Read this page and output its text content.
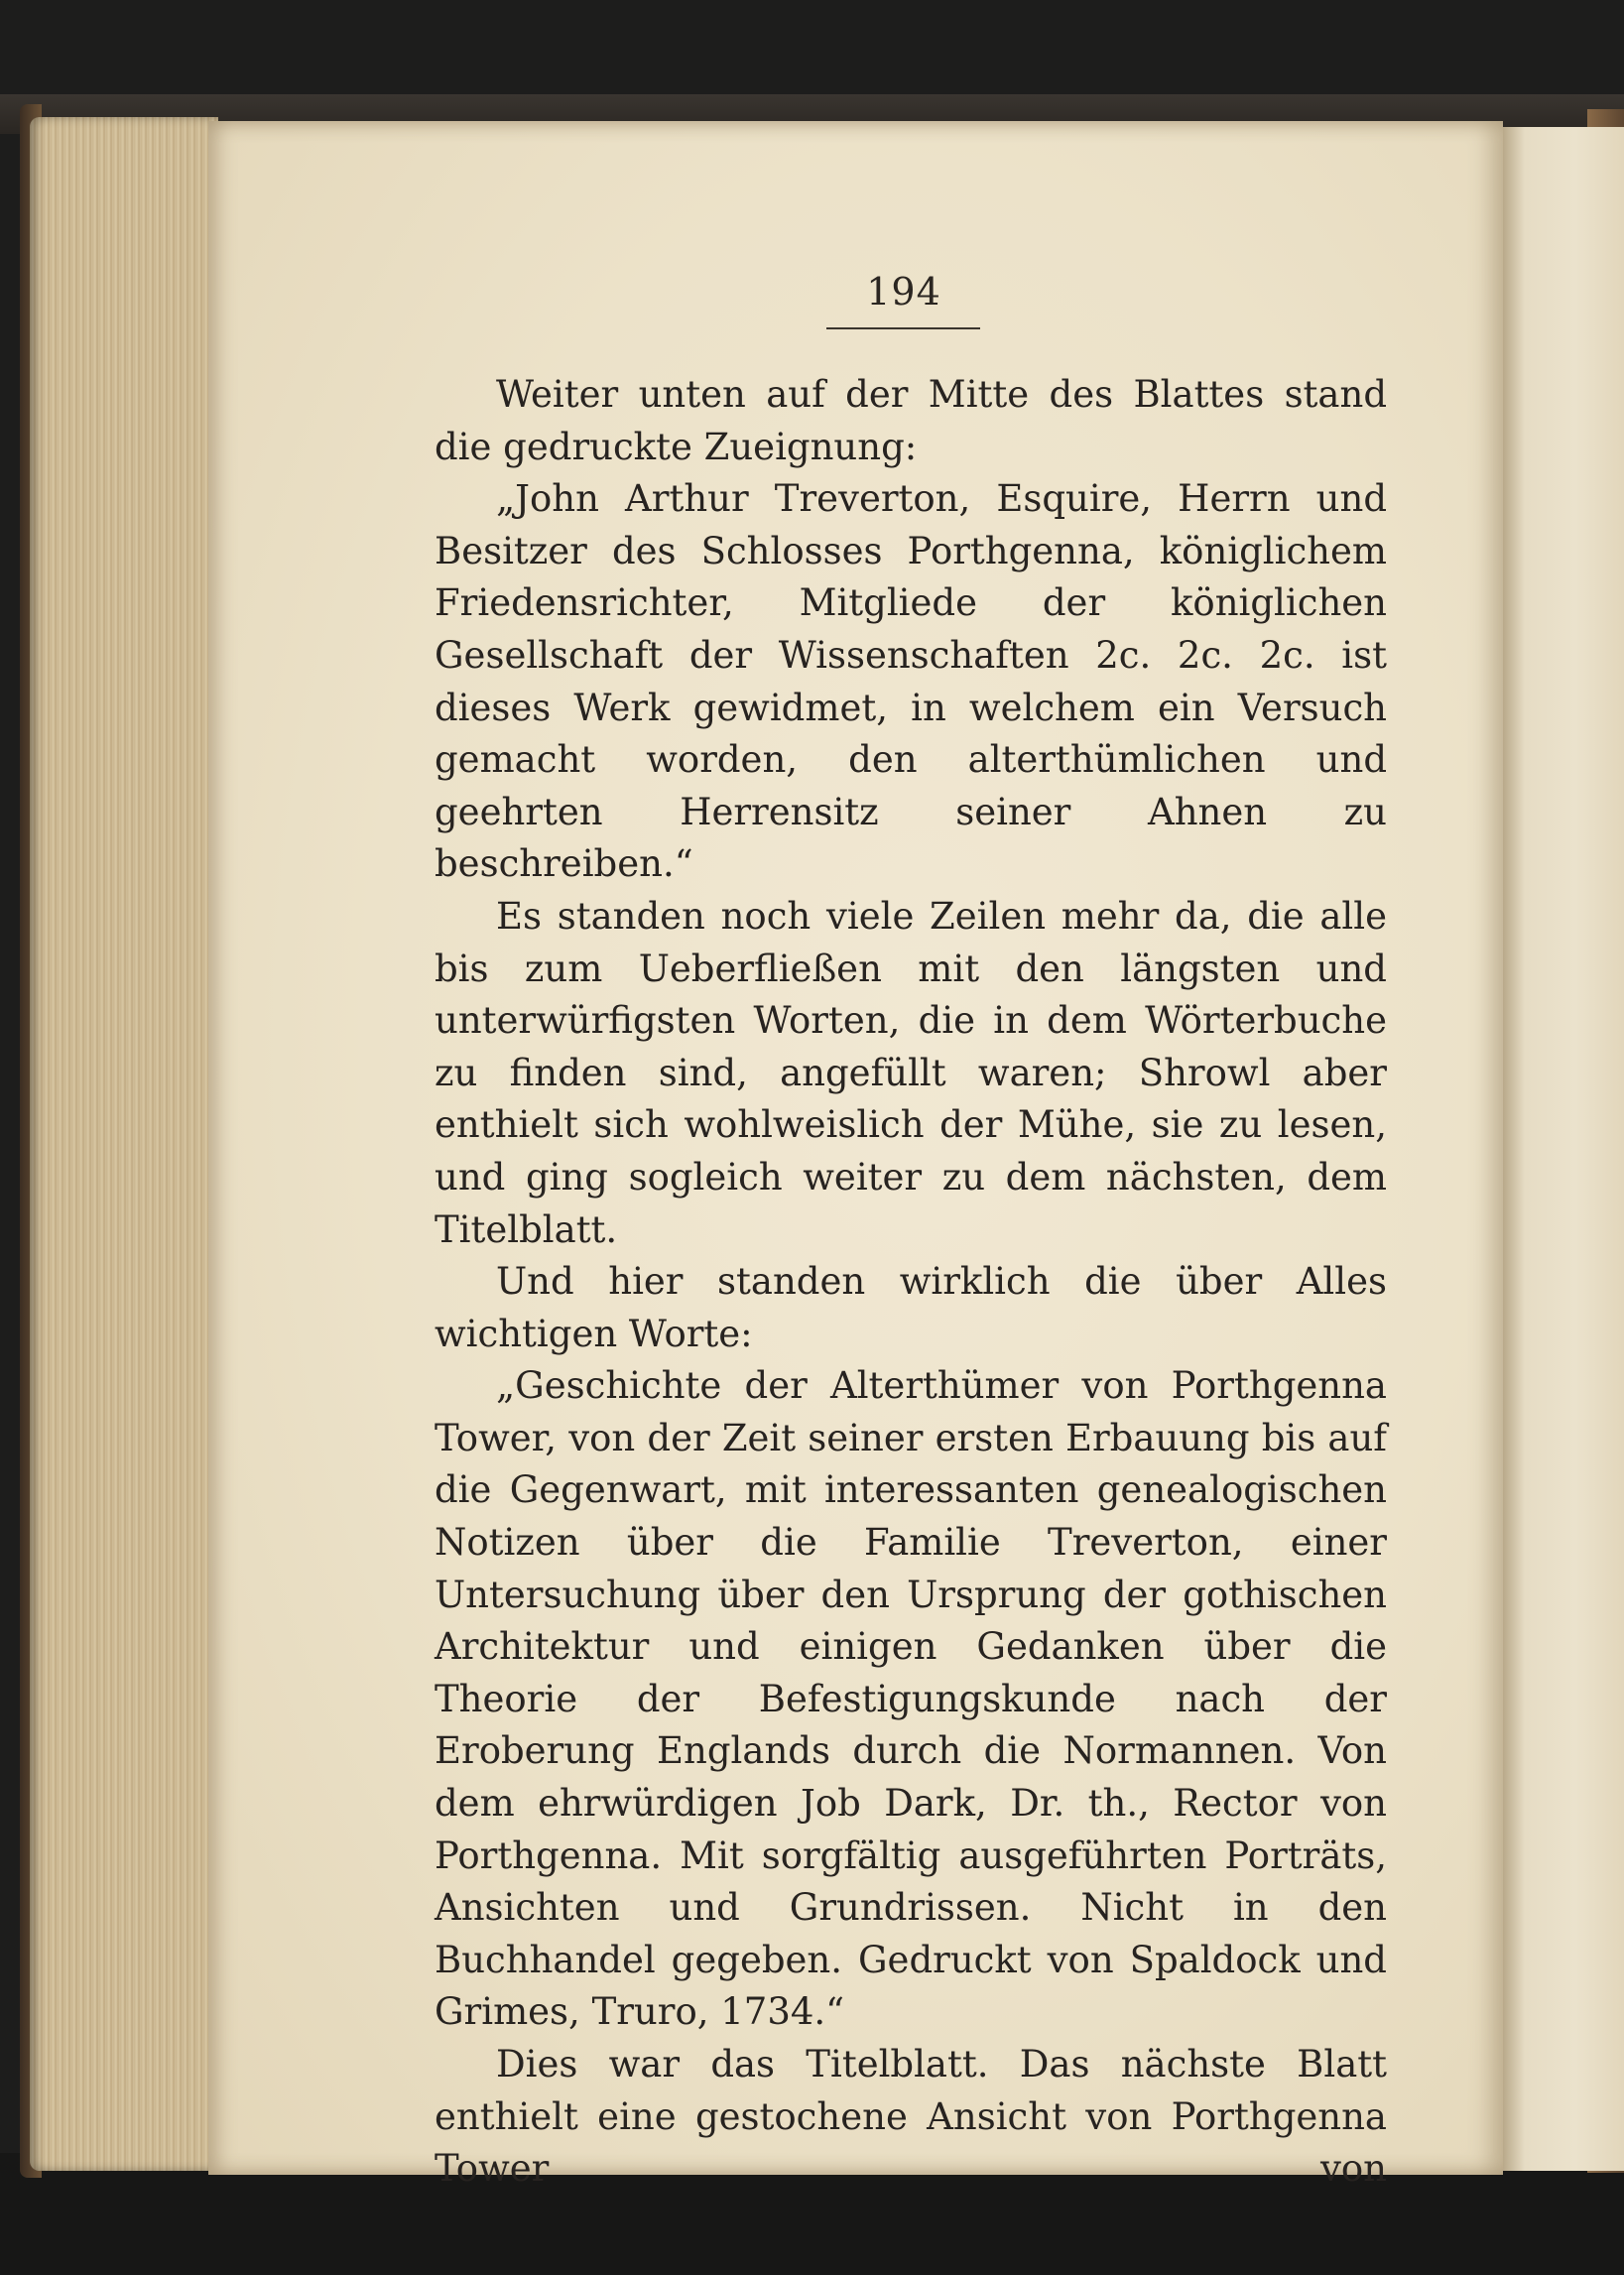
194

Weiter unten auf der Mitte des Blattes stand die gedruckte Zueignung:

„John Arthur Treverton, Esquire, Herrn und Besitzer des Schlosses Porthgenna, königlichem Friedensrichter, Mitgliede der königlichen Gesellschaft der Wissenschaften 2c. 2c. 2c. ist dieses Werk gewidmet, in welchem ein Versuch gemacht worden, den alterthümlichen und geehrten Herrensitz seiner Ahnen zu beschreiben.“

Es standen noch viele Zeilen mehr da, die alle bis zum Ueberfließen mit den längsten und unterwürfigsten Worten, die in dem Wörterbuche zu finden sind, angefüllt waren; Shrowl aber enthielt sich wohlweislich der Mühe, sie zu lesen, und ging sogleich weiter zu dem nächsten, dem Titelblatt.

Und hier standen wirklich die über Alles wichtigen Worte:

„Geschichte der Alterthümer von Porthgenna Tower, von der Zeit seiner ersten Erbauung bis auf die Gegenwart, mit interessanten genealogischen Notizen über die Familie Treverton, einer Untersuchung über den Ursprung der gothischen Architektur und einigen Gedanken über die Theorie der Befestigungskunde nach der Eroberung Englands durch die Normannen. Von dem ehrwürdigen Job Dark, Dr. th., Rector von Porthgenna. Mit sorgfältig ausgeführten Porträts, Ansichten und Grundrissen. Nicht in den Buchhandel gegeben. Gedruckt von Spaldock und Grimes, Truro, 1734.“

Dies war das Titelblatt. Das nächste Blatt enthielt eine gestochene Ansicht von Porthgenna Tower von
